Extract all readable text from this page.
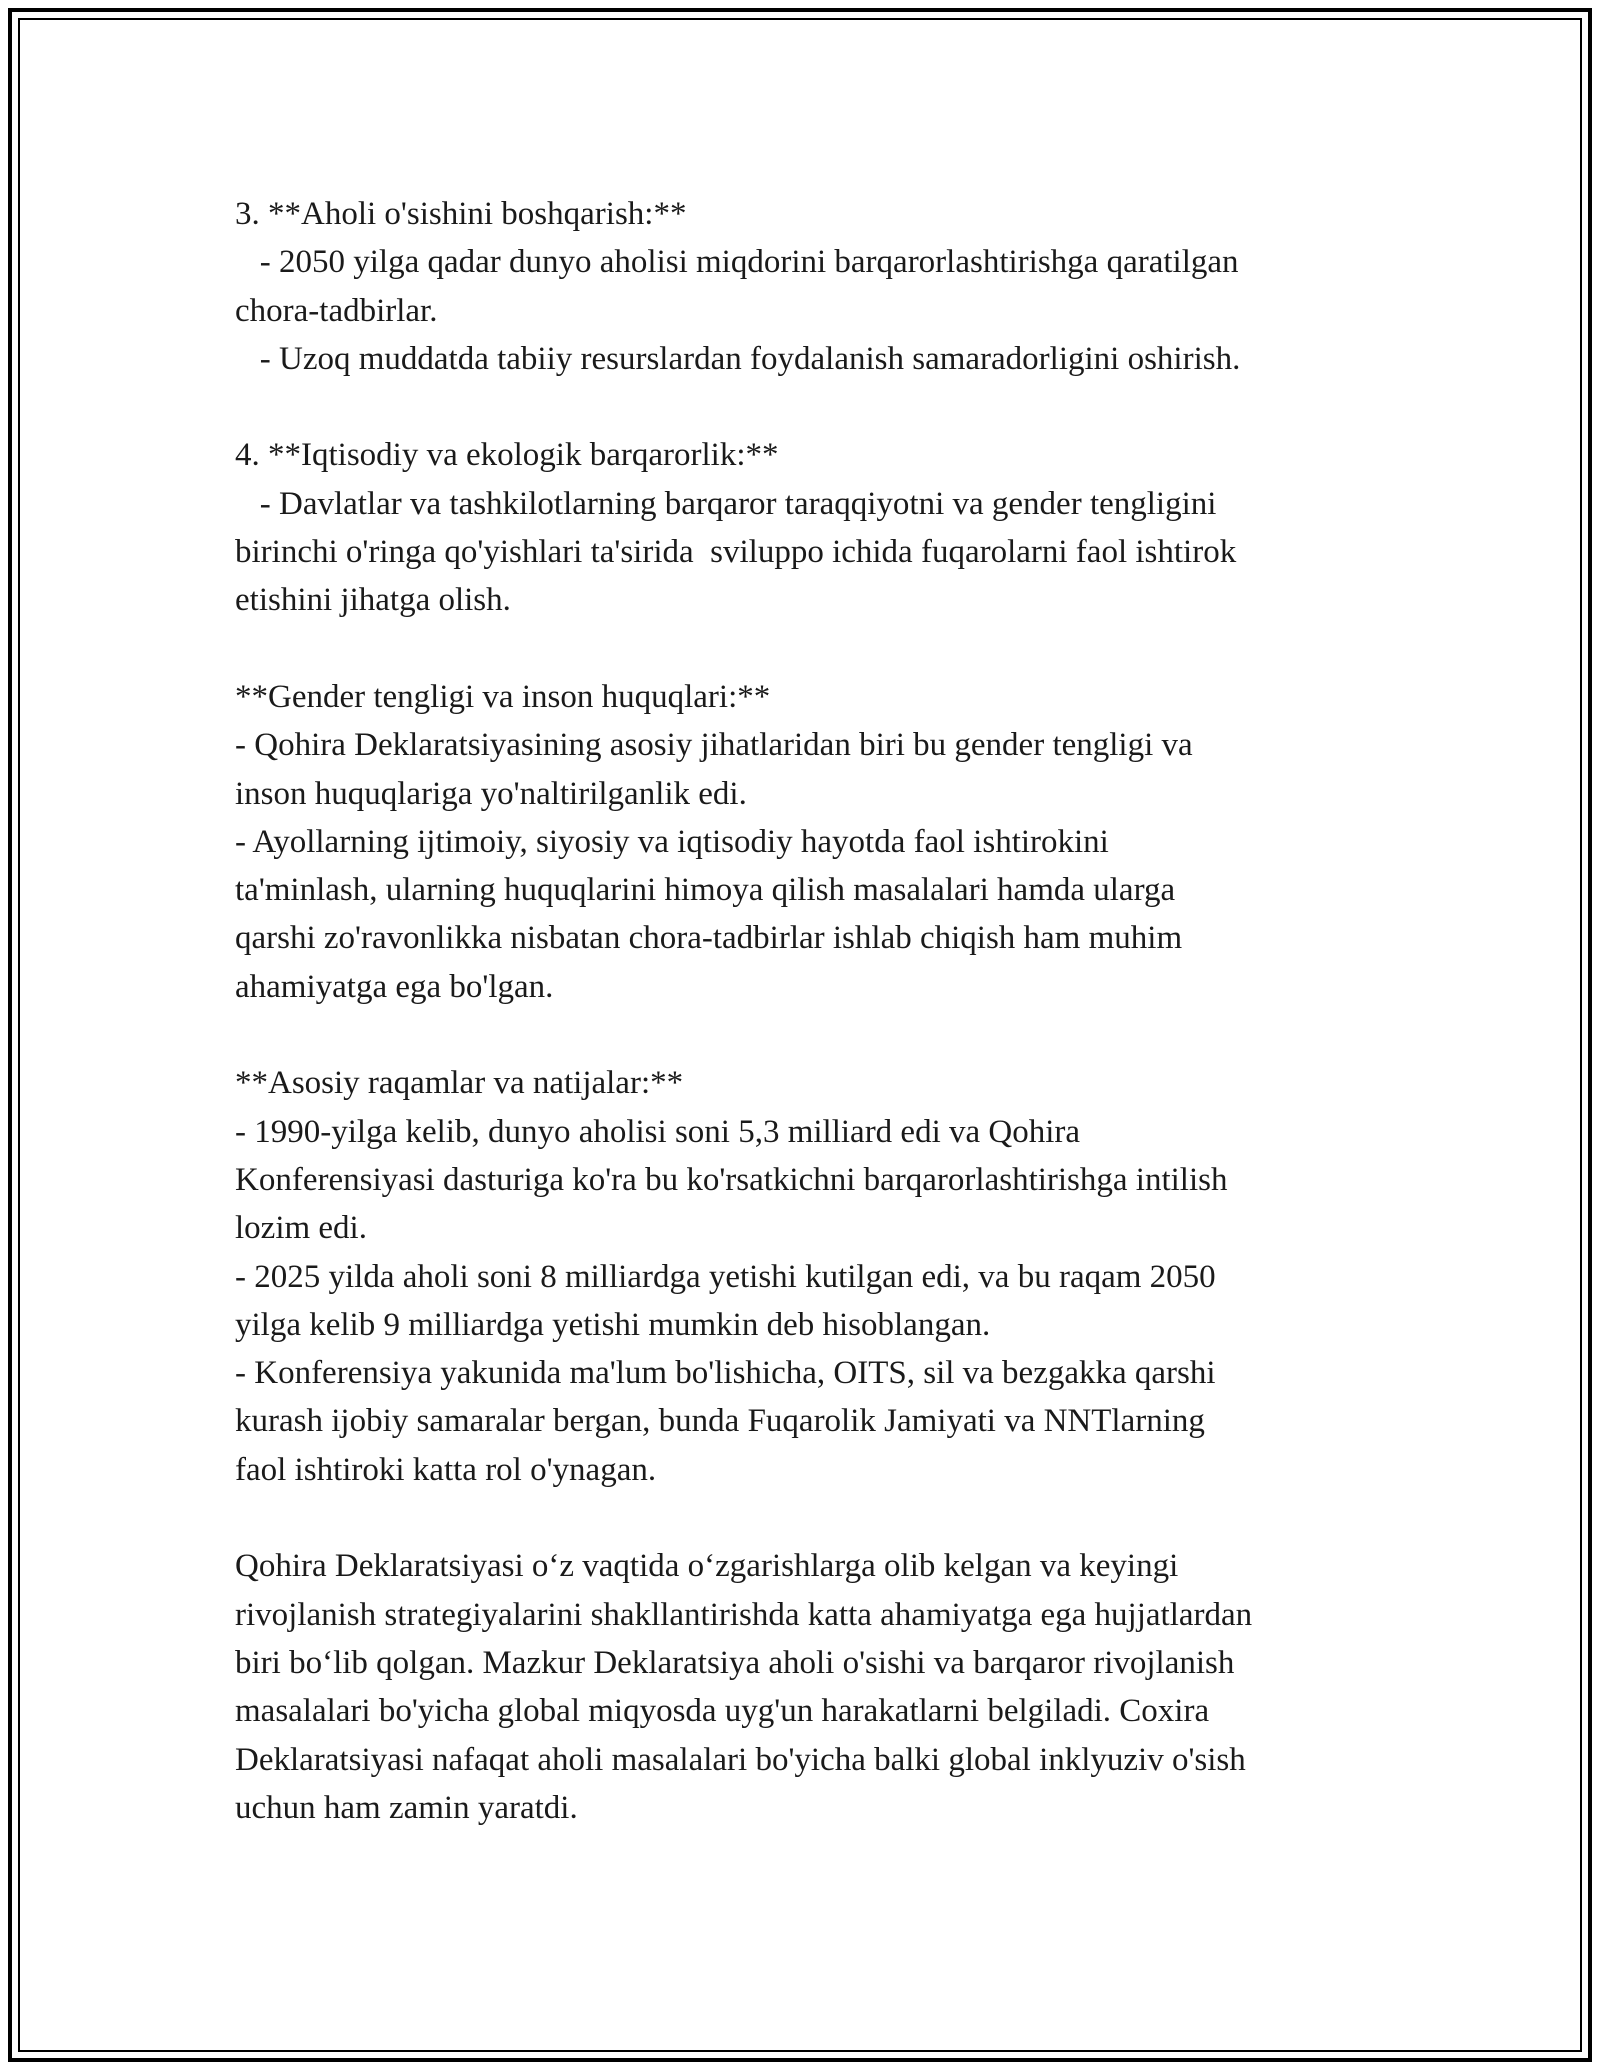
3. **Aholi o'sishini boshqarish:**
- 2050 yilga qadar dunyo aholisi miqdorini barqarorlashtirishga qaratilgan
chora-tadbirlar.
- Uzoq muddatda tabiiy resurslardan foydalanish samaradorligini oshirish.
4. **Iqtisodiy va ekologik barqarorlik:**
- Davlatlar va tashkilotlarning barqaror taraqqiyotni va gender tengligini
birinchi o'ringa qo'yishlari ta'sirida  sviluppo ichida fuqarolarni faol ishtirok
etishini jihatga olish.
**Gender tengligi va inson huquqlari:**
- Qohira Deklaratsiyasining asosiy jihatlaridan biri bu gender tengligi va
inson huquqlariga yo'naltirilganlik edi.
- Ayollarning ijtimoiy, siyosiy va iqtisodiy hayotda faol ishtirokini
ta'minlash, ularning huquqlarini himoya qilish masalalari hamda ularga
qarshi zo'ravonlikka nisbatan chora-tadbirlar ishlab chiqish ham muhim
ahamiyatga ega bo'lgan.
**Asosiy raqamlar va natijalar:**
- 1990-yilga kelib, dunyo aholisi soni 5,3 milliard edi va Qohira
Konferensiyasi dasturiga ko'ra bu ko'rsatkichni barqarorlashtirishga intilish
lozim edi.
- 2025 yilda aholi soni 8 milliardga yetishi kutilgan edi, va bu raqam 2050
yilga kelib 9 milliardga yetishi mumkin deb hisoblangan.
- Konferensiya yakunida ma'lum bo'lishicha, OITS, sil va bezgakka qarshi
kurash ijobiy samaralar bergan, bunda Fuqarolik Jamiyati va NNTlarning
faol ishtiroki katta rol o'ynagan.
Qohira Deklaratsiyasi o‘z vaqtida o‘zgarishlarga olib kelgan va keyingi
rivojlanish strategiyalarini shakllantirishda katta ahamiyatga ega hujjatlardan
biri bo‘lib qolgan. Mazkur Deklaratsiya aholi o'sishi va barqaror rivojlanish
masalalari bo'yicha global miqyosda uyg'un harakatlarni belgiladi. Coxira
Deklaratsiyasi nafaqat aholi masalalari bo'yicha balki global inklyuziv o'sish
uchun ham zamin yaratdi.
